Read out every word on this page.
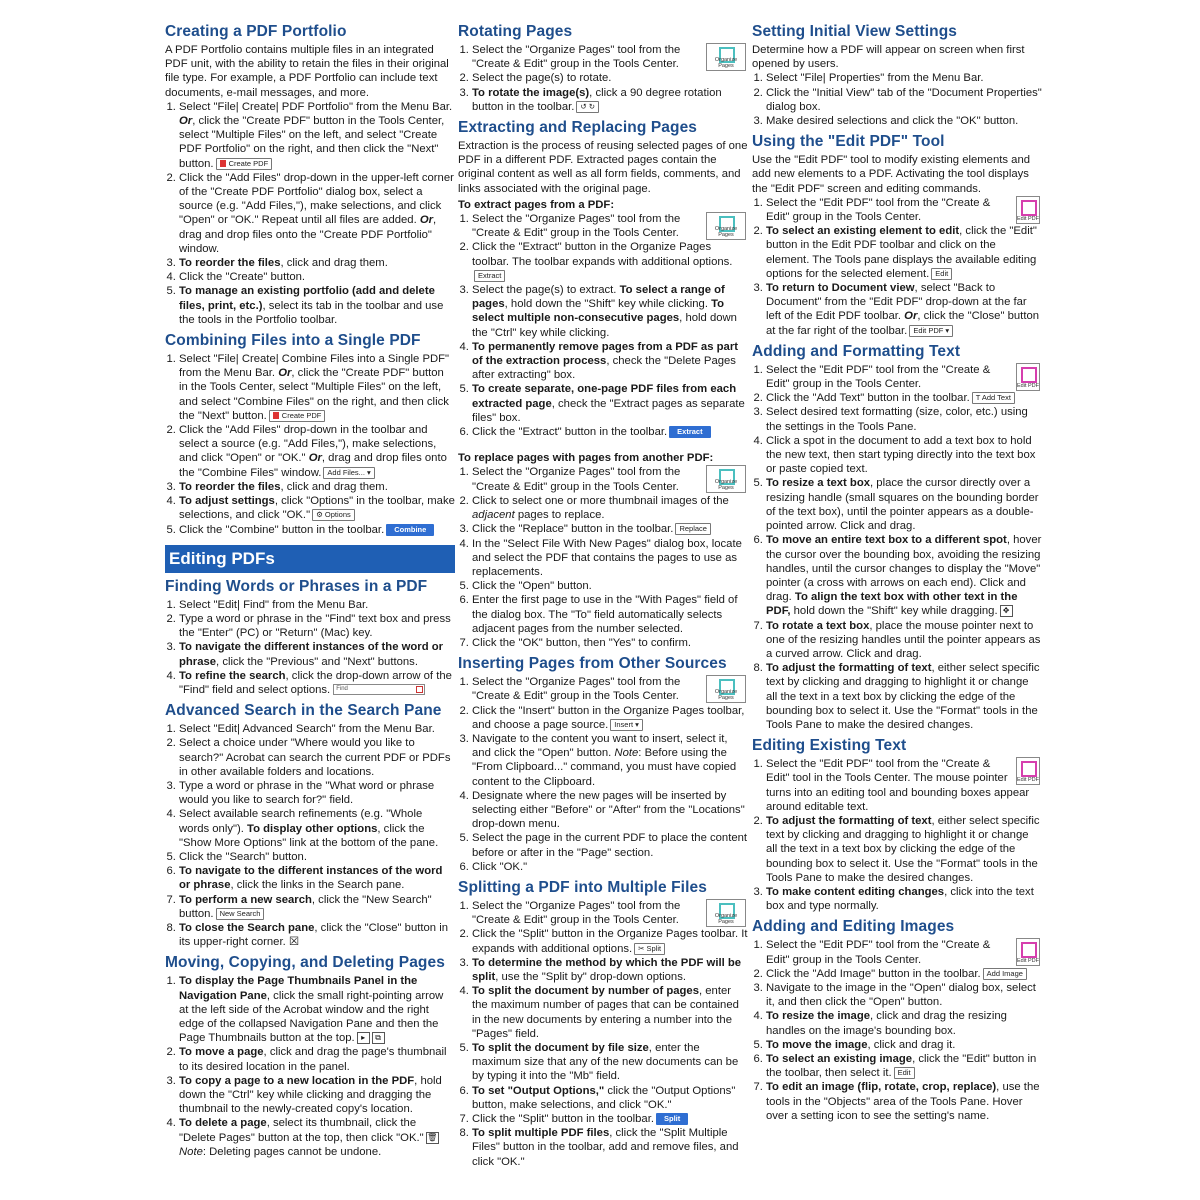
Creating a PDF Portfolio

A PDF Portfolio contains multiple files in an integrated PDF unit, with the ability to retain the files in their original file type. For example, a PDF Portfolio can include text documents, e-mail messages, and more.

1. Select "File| Create| PDF Portfolio" from the Menu Bar. Or, click the "Create PDF" button in the Tools Center, select "Multiple Files" on the left, and select "Create PDF Portfolio" on the right, and then click the "Next" button. Create PDF
2. Click the "Add Files" drop-down in the upper-left corner of the "Create PDF Portfolio" dialog box, select a source (e.g. "Add Files,"), make selections, and click "Open" or "OK." Repeat until all files are added. Or, drag and drop files onto the "Create PDF Portfolio" window.
3. To reorder the files, click and drag them.
4. Click the "Create" button.
5. To manage an existing portfolio (add and delete files, print, etc.), select its tab in the toolbar and use the tools in the Portfolio toolbar.
Combining Files into a Single PDF
1. Select "File| Create| Combine Files into a Single PDF" from the Menu Bar. Or, click the "Create PDF" button in the Tools Center, select "Multiple Files" on the left, and select "Combine Files" on the right, and then click the "Next" button. Create PDF
2. Click the "Add Files" drop-down in the toolbar and select a source (e.g. "Add Files,"), make selections, and click "Open" or "OK." Or, drag and drop files onto the "Combine Files" window. Add Files... ▾
3. To reorder the files, click and drag them.
4. To adjust settings, click "Options" in the toolbar, make selections, and click "OK." ⚙ Options
5. Click the "Combine" button in the toolbar. Combine
Editing PDFs
Finding Words or Phrases in a PDF
1. Select "Edit| Find" from the Menu Bar.
2. Type a word or phrase in the "Find" text box and press the "Enter" (PC) or "Return" (Mac) key.
3. To navigate the different instances of the word or phrase, click the "Previous" and "Next" buttons.
4. To refine the search, click the drop-down arrow of the "Find" field and select options. Find
Advanced Search in the Search Pane
1. Select "Edit| Advanced Search" from the Menu Bar.
2. Select a choice under "Where would you like to search?" Acrobat can search the current PDF or PDFs in other available folders and locations.
3. Type a word or phrase in the "What word or phrase would you like to search for?" field.
4. Select available search refinements (e.g. "Whole words only"). To display other options, click the "Show More Options" link at the bottom of the pane.
5. Click the "Search" button.
6. To navigate to the different instances of the word or phrase, click the links in the Search pane.
7. To perform a new search, click the "New Search" button. New Search
8. To close the Search pane, click the "Close" button in its upper-right corner. ☒
Moving, Copying, and Deleting Pages
1. To display the Page Thumbnails Panel in the Navigation Pane, click the small right-pointing arrow at the left side of the Acrobat window and the right edge of the collapsed Navigation Pane and then the Page Thumbnails button at the top. ▸ ⧉
2. To move a page, click and drag the page's thumbnail to its desired location in the panel.
3. To copy a page to a new location in the PDF, hold down the "Ctrl" key while clicking and dragging the thumbnail to the newly-created copy's location.
4. To delete a page, select its thumbnail, click the "Delete Pages" button at the top, then click "OK." 🗑 Note: Deleting pages cannot be undone.
Rotating Pages
1. Organize Pages
Select the "Organize Pages" tool from the "Create & Edit" group in the Tools Center.
2. Select the page(s) to rotate.
3. To rotate the image(s), click a 90 degree rotation button in the toolbar. ↺ ↻
Extracting and Replacing Pages

Extraction is the process of reusing selected pages of one PDF in a different PDF. Extracted pages contain the original content as well as all form fields, comments, and links associated with the original page.

To extract pages from a PDF:

1. Organize Pages
Select the "Organize Pages" tool from the "Create & Edit" group in the Tools Center.
2. Click the "Extract" button in the Organize Pages toolbar. The toolbar expands with additional options.Extract
3. Select the page(s) to extract. To select a range of pages, hold down the "Shift" key while clicking. To select multiple non-consecutive pages, hold down the "Ctrl" key while clicking.
4. To permanently remove pages from a PDF as part of the extraction process, check the "Delete Pages after extracting" box.
5. To create separate, one-page PDF files from each extracted page, check the "Extract pages as separate files" box.
6. Click the "Extract" button in the toolbar. Extract

To replace pages with pages from another PDF:

1. Organize Pages
Select the "Organize Pages" tool from the "Create & Edit" group in the Tools Center.
2. Click to select one or more thumbnail images of the adjacent pages to replace.
3. Click the "Replace" button in the toolbar. Replace
4. In the "Select File With New Pages" dialog box, locate and select the PDF that contains the pages to use as replacements.
5. Click the "Open" button.
6. Enter the first page to use in the "With Pages" field of the dialog box. The "To" field automatically selects adjacent pages from the number selected.
7. Click the "OK" button, then "Yes" to confirm.
Inserting Pages from Other Sources
1. Organize Pages
Select the "Organize Pages" tool from the "Create & Edit" group in the Tools Center.
2. Click the "Insert" button in the Organize Pages toolbar, and choose a page source. Insert ▾
3. Navigate to the content you want to insert, select it, and click the "Open" button. Note: Before using the "From Clipboard..." command, you must have copied content to the Clipboard.
4. Designate where the new pages will be inserted by selecting either "Before" or "After" from the "Locations" drop-down menu.
5. Select the page in the current PDF to place the content before or after in the "Page" section.
6. Click "OK."
Splitting a PDF into Multiple Files
1. Organize Pages
Select the "Organize Pages" tool from the "Create & Edit" group in the Tools Center.
2. Click the "Split" button in the Organize Pages toolbar. It expands with additional options. ✂ Split
3. To determine the method by which the PDF will be split, use the "Split by" drop-down options.
4. To split the document by number of pages, enter the maximum number of pages that can be contained in the new documents by entering a number into the "Pages" field.
5. To split the document by file size, enter the maximum size that any of the new documents can be by typing it into the "Mb" field.
6. To set "Output Options," click the "Output Options" button, make selections, and click "OK."
7. Click the "Split" button in the toolbar. Split
8. To split multiple PDF files, click the "Split Multiple Files" button in the toolbar, add and remove files, and click "OK."
Setting Initial View Settings

Determine how a PDF will appear on screen when first opened by users.

1. Select "File| Properties" from the Menu Bar.
2. Click the "Initial View" tab of the "Document Properties" dialog box.
3. Make desired selections and click the "OK" button.
Using the "Edit PDF" Tool

Use the "Edit PDF" tool to modify existing elements and add new elements to a PDF. Activating the tool displays the "Edit PDF" screen and editing commands.

1. Edit PDF
Select the "Edit PDF" tool from the "Create & Edit" group in the Tools Center.
2. To select an existing element to edit, click the "Edit" button in the Edit PDF toolbar and click on the element. The Tools pane displays the available editing options for the selected element. Edit
3. To return to Document view, select "Back to Document" from the "Edit PDF" drop-down at the far left of the Edit PDF toolbar. Or, click the "Close" button at the far right of the toolbar. Edit PDF ▾
Adding and Formatting Text
1. Edit PDF
Select the "Edit PDF" tool from the "Create & Edit" group in the Tools Center.
2. Click the "Add Text" button in the toolbar. T Add Text
3. Select desired text formatting (size, color, etc.) using the settings in the Tools Pane.
4. Click a spot in the document to add a text box to hold the new text, then start typing directly into the text box or paste copied text.
5. To resize a text box, place the cursor directly over a resizing handle (small squares on the bounding border of the text box), until the pointer appears as a double-pointed arrow. Click and drag.
6. To move an entire text box to a different spot, hover the cursor over the bounding box, avoiding the resizing handles, until the cursor changes to display the "Move" pointer (a cross with arrows on each end). Click and drag. To align the text box with other text in the PDF, hold down the "Shift" key while dragging. ✥
7. To rotate a text box, place the mouse pointer next to one of the resizing handles until the pointer appears as a curved arrow. Click and drag.
8. To adjust the formatting of text, either select specific text by clicking and dragging to highlight it or change all the text in a text box by clicking the edge of the bounding box to select it. Use the "Format" tools in the Tools Pane to make the desired changes.
Editing Existing Text
1. Edit PDF
Select the "Edit PDF" tool from the "Create & Edit" tool in the Tools Center. The mouse pointer turns into an editing tool and bounding boxes appear around editable text.
2. To adjust the formatting of text, either select specific text by clicking and dragging to highlight it or change all the text in a text box by clicking the edge of the bounding box to select it. Use the "Format" tools in the Tools Pane to make the desired changes.
3. To make content editing changes, click into the text box and type normally.
Adding and Editing Images
1. Edit PDF
Select the "Edit PDF" tool from the "Create & Edit" group in the Tools Center.
2. Click the "Add Image" button in the toolbar. Add Image
3. Navigate to the image in the "Open" dialog box, select it, and then click the "Open" button.
4. To resize the image, click and drag the resizing handles on the image's bounding box.
5. To move the image, click and drag it.
6. To select an existing image, click the "Edit" button in the toolbar, then select it. Edit
7. To edit an image (flip, rotate, crop, replace), use the tools in the "Objects" area of the Tools Pane. Hover over a setting icon to see the setting's name.
